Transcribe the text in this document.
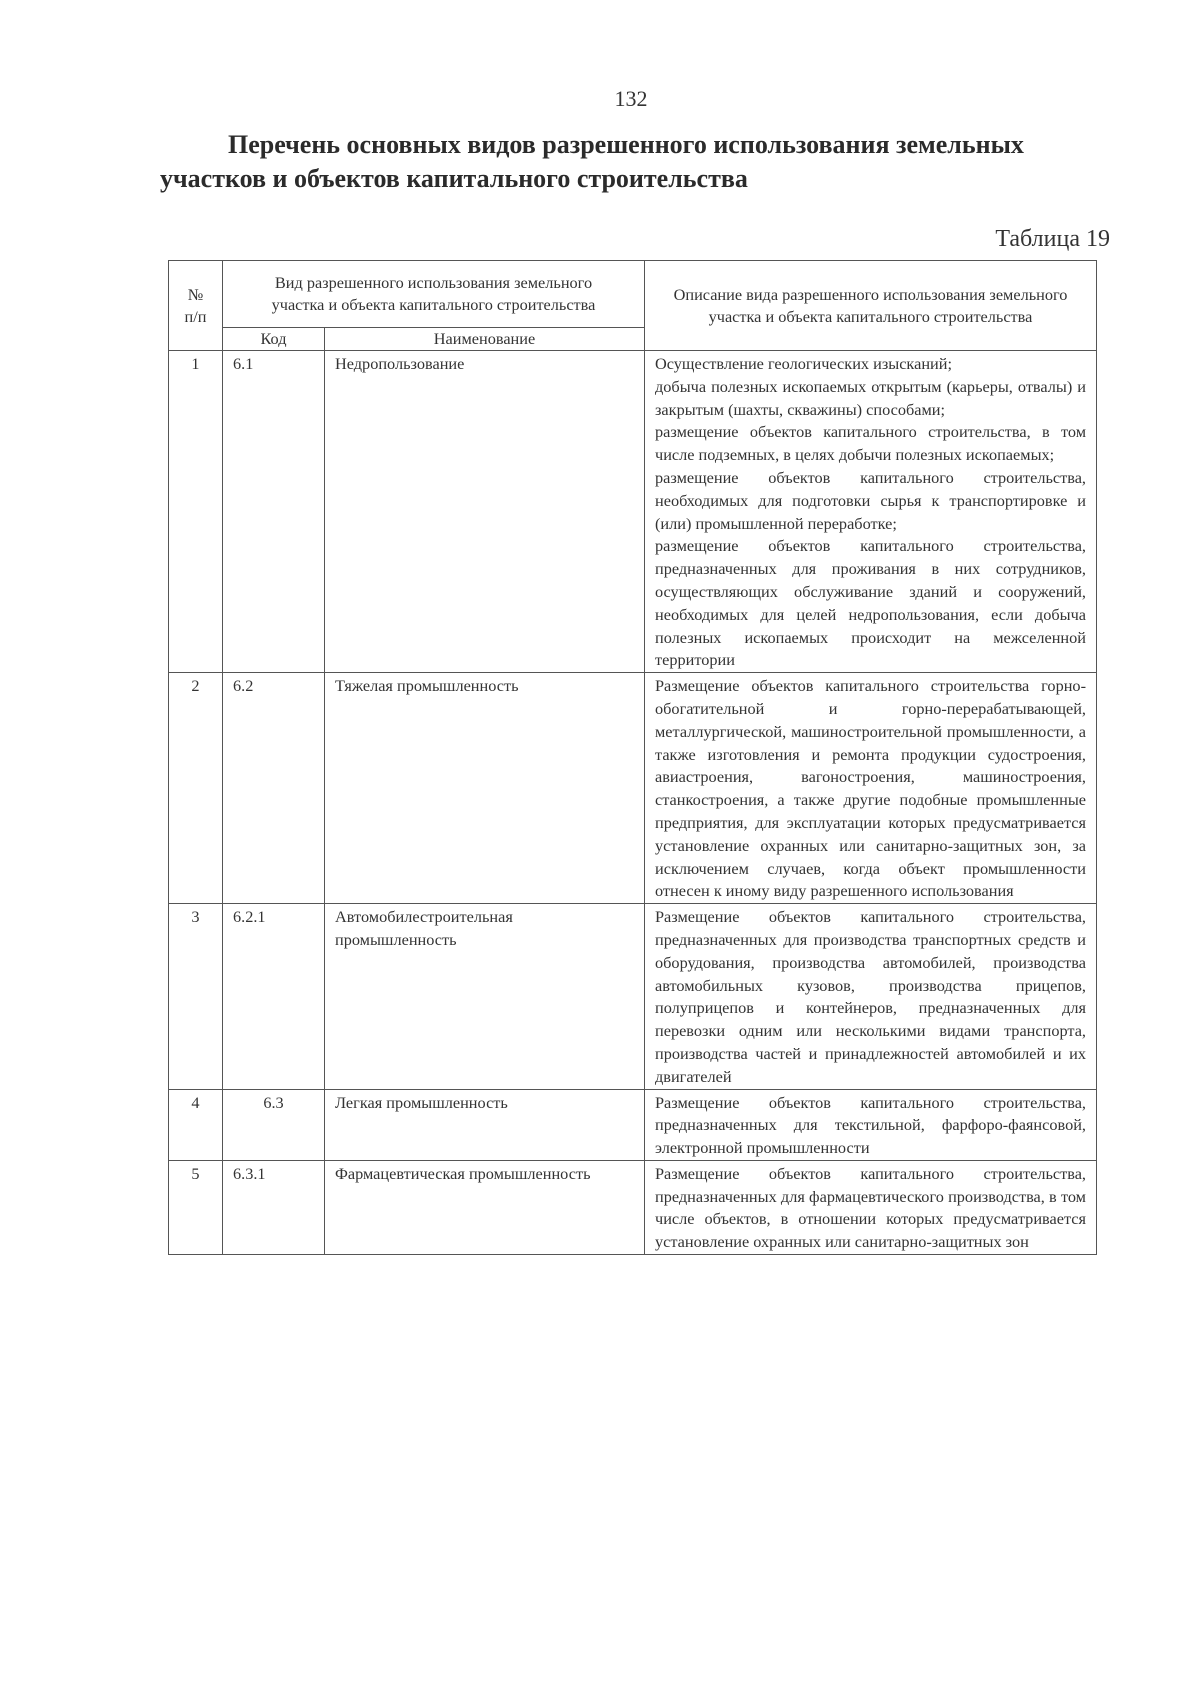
132
Перечень основных видов разрешенного использования земельных
участков и объектов капитального строительства
Таблица 19
№ п/п	Вид разрешенного использования земельного участка и объекта капитального строительства		Описание вида разрешенного использования земельного участка и объекта капитального строительства
	Код	Наименование	
1	6.1	Недропользование	Осуществление геологических изысканий;
добыча полезных ископаемых открытым (карьеры, отвалы) и закрытым (шахты, скважины) способами;
размещение объектов капитального строительства, в том числе подземных, в целях добычи полезных ископаемых;
размещение объектов капитального строительства, необходимых для подготовки сырья к транспортировке и (или) промышленной переработке;
размещение объектов капитального строительства, предназначенных для проживания в них сотрудников, осуществляющих обслуживание зданий и сооружений, необходимых для целей недропользования, если добыча полезных ископаемых происходит на межселенной территории

2	6.2	Тяжелая промышленность	Размещение объектов капитального строительства горно-обогатительной и горно-перерабатывающей, металлургической, машиностроительной промышленности, а также изготовления и ремонта продукции судостроения, авиастроения, вагоностроения, машиностроения, станкостроения, а также другие подобные промышленные предприятия, для эксплуатации которых предусматривается установление охранных или санитарно-защитных зон, за исключением случаев, когда объект промышленности отнесен к иному виду разрешенного использования

3	6.2.1	Автомобилестроительная промышленность	Размещение объектов капитального строительства, предназначенных для производства транспортных средств и оборудования, производства автомобилей, производства автомобильных кузовов, производства прицепов, полуприцепов и контейнеров, предназначенных для перевозки одним или несколькими видами транспорта, производства частей и принадлежностей автомобилей и их двигателей

4	6.3	Легкая промышленность	Размещение объектов капитального строительства, предназначенных для текстильной, фарфоро-фаянсовой, электронной промышленности

5	6.3.1	Фармацевтическая промышленность	Размещение объектов капитального строительства, предназначенных для фармацевтического производства, в том числе объектов, в отношении которых предусматривается установление охранных или санитарно-защитных зон
